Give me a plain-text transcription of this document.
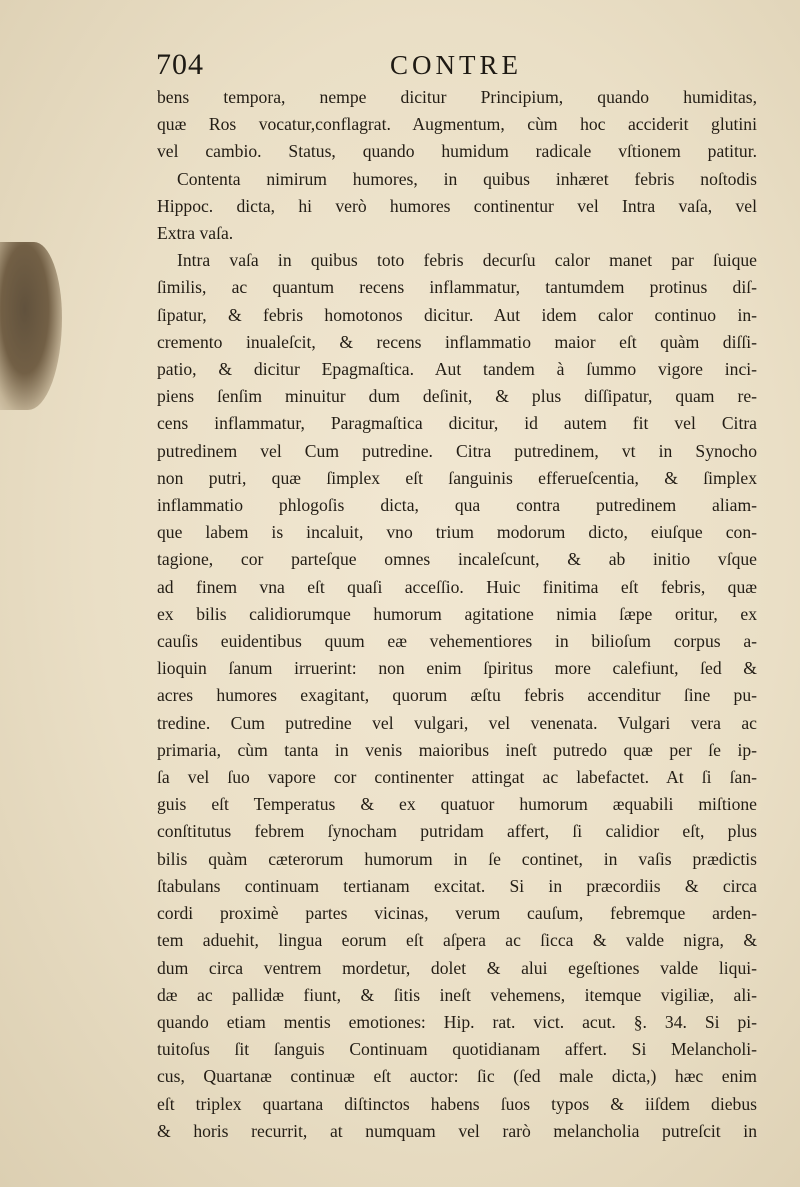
704	CONTRE
bens tempora, nempe dicitur Principium, quando humiditas,
quæ Ros vocatur,conflagrat. Augmentum, cùm hoc acciderit glutini
vel cambio. Status, quando humidum radicale vſtionem patitur.
Contenta nimirum humores, in quibus inhæret febris noſtodis
Hippoc. dicta, hi verò humores continentur vel Intra vaſa, vel
Extra vaſa.
Intra vaſa in quibus toto febris decurſu calor manet par ſuique
ſimilis, ac quantum recens inflammatur, tantumdem protinus diſ-
ſipatur, & febris homotonos dicitur. Aut idem calor continuo in-
cremento inualeſcit, & recens inflammatio maior eſt quàm diſſi-
patio, & dicitur Epagmaſtica. Aut tandem à ſummo vigore inci-
piens ſenſim minuitur dum deſinit, & plus diſſipatur, quam re-
cens inflammatur, Paragmaſtica dicitur, id autem fit vel Citra
putredinem vel Cum putredine. Citra putredinem, vt in Synocho
non putri, quæ ſimplex eſt ſanguinis efferueſcentia, & ſimplex
inflammatio phlogoſis dicta, qua contra putredinem aliam-
que labem is incaluit, vno trium modorum dicto, eiuſque con-
tagione, cor parteſque omnes incaleſcunt, & ab initio vſque
ad finem vna eſt quaſi acceſſio. Huic finitima eſt febris, quæ
ex bilis calidiorumque humorum agitatione nimia ſæpe oritur, ex
cauſis euidentibus quum eæ vehementiores in bilioſum corpus a-
lioquin ſanum irruerint: non enim ſpiritus more calefiunt, ſed &
acres humores exagitant, quorum æſtu febris accenditur ſine pu-
tredine. Cum putredine vel vulgari, vel venenata. Vulgari vera ac
primaria, cùm tanta in venis maioribus ineſt putredo quæ per ſe ip-
ſa vel ſuo vapore cor continenter attingat ac labefactet. At ſi ſan-
guis eſt Temperatus & ex quatuor humorum æquabili miſtione
conſtitutus febrem ſynocham putridam affert, ſi calidior eſt, plus
bilis quàm cæterorum humorum in ſe continet, in vaſis prædictis
ſtabulans continuam tertianam excitat. Si in præcordiis & circa
cordi proximè partes vicinas, verum cauſum, febremque arden-
tem aduehit, lingua eorum eſt aſpera ac ſicca & valde nigra, &
dum circa ventrem mordetur, dolet & alui egeſtiones valde liqui-
dæ ac pallidæ fiunt, & ſitis ineſt vehemens, itemque vigiliæ, ali-
quando etiam mentis emotiones: Hip. rat. vict. acut. §. 34. Si pi-
tuitoſus ſit ſanguis Continuam quotidianam affert. Si Melancholi-
cus, Quartanæ continuæ eſt auctor: ſic (ſed male dicta,) hæc enim
eſt triplex quartana diſtinctos habens ſuos typos & iiſdem diebus
& horis recurrit, at numquam vel rarò melancholia putreſcit in
